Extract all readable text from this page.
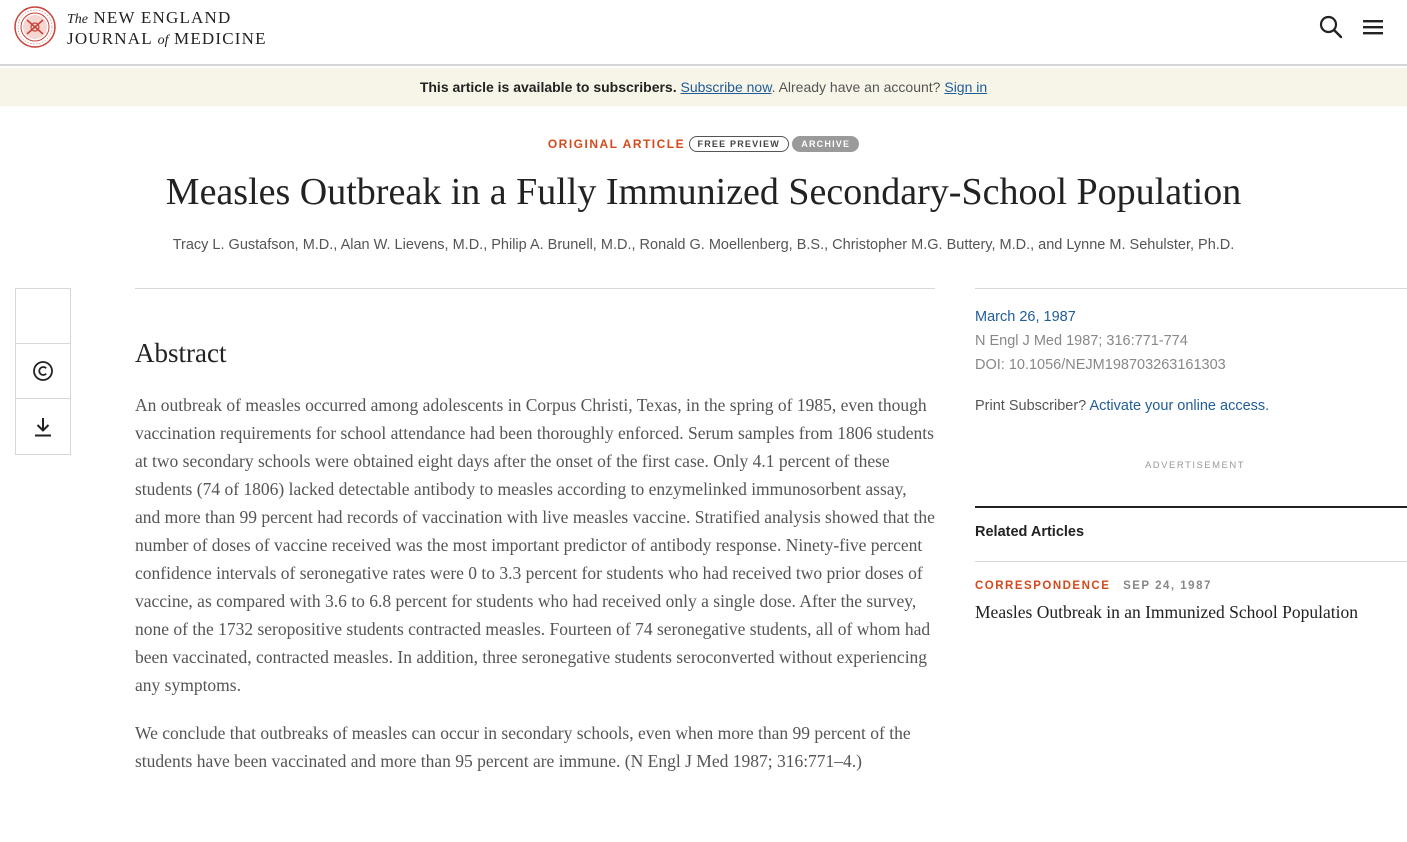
The NEW ENGLAND
JOURNAL of MEDICINE
This article is available to subscribers. Subscribe now. Already have an account? Sign in
ORIGINAL ARTICLE FREE PREVIEW ARCHIVE
Measles Outbreak in a Fully Immunized Secondary-School Population
Tracy L. Gustafson, M.D., Alan W. Lievens, M.D., Philip A. Brunell, M.D., Ronald G. Moellenberg, B.S., Christopher M.G. Buttery, M.D., and Lynne M. Sehulster, Ph.D.
Abstract

An outbreak of measles occurred among adolescents in Corpus Christi, Texas, in the spring of 1985, even though vaccination requirements for school attendance had been thoroughly enforced. Serum samples from 1806 students at two secondary schools were obtained eight days after the onset of the first case. Only 4.1 percent of these students (74 of 1806) lacked detectable antibody to measles according to enzymelinked immunosorbent assay, and more than 99 percent had records of vaccination with live measles vaccine. Stratified analysis showed that the number of doses of vaccine received was the most important predictor of antibody response. Ninety-five percent confidence intervals of seronegative rates were 0 to 3.3 percent for students who had received two prior doses of vaccine, as compared with 3.6 to 6.8 percent for students who had received only a single dose. After the survey, none of the 1732 seropositive students contracted measles. Fourteen of 74 seronegative students, all of whom had been vaccinated, contracted measles. In addition, three seronegative students seroconverted without experiencing any symptoms.

We conclude that outbreaks of measles can occur in secondary schools, even when more than 99 percent of the students have been vaccinated and more than 95 percent are immune. (N Engl J Med 1987; 316:771–4.)

March 26, 1987
N Engl J Med 1987; 316:771-774
DOI: 10.1056/NEJM198703263161303
Print Subscriber? Activate your online access.
ADVERTISEMENT
Related Articles
CORRESPONDENCE SEP 24, 1987
Measles Outbreak in an Immunized School Population
